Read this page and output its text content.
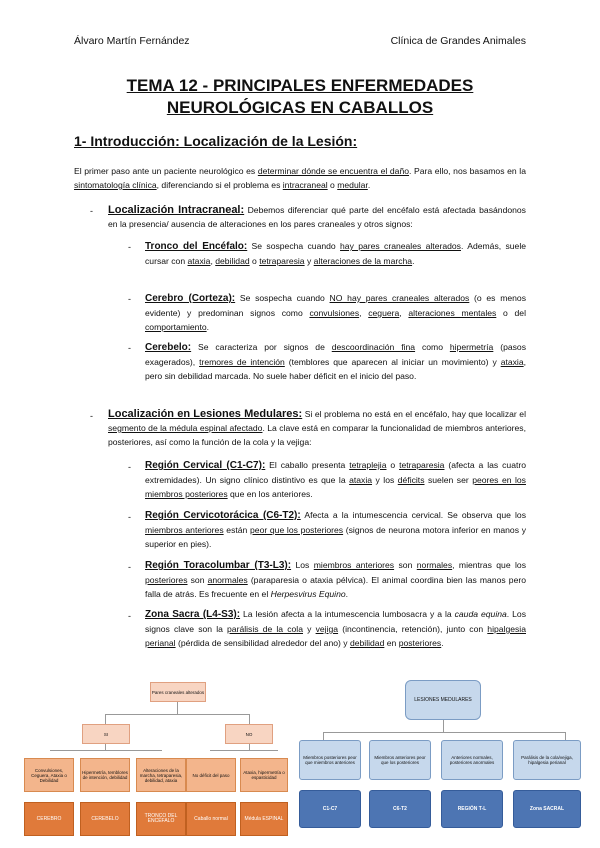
Álvaro Martín Fernández	Clínica de Grandes Animales
TEMA 12 - PRINCIPALES ENFERMEDADES
NEUROLÓGICAS EN CABALLOS
1- Introducción: Localización de la Lesión:
El primer paso ante un paciente neurológico es determinar dónde se encuentra el daño. Para ello, nos basamos en la sintomatología clínica, diferenciando si el problema es intracraneal o medular.
- Localización Intracraneal: Debemos diferenciar qué parte del encéfalo está afectada basándonos en la presencia/ ausencia de alteraciones en los pares craneales y otros signos:
- Tronco del Encéfalo: Se sospecha cuando hay pares craneales alterados. Además, suele cursar con ataxia, debilidad o tetraparesia y alteraciones de la marcha.
- Cerebro (Corteza): Se sospecha cuando NO hay pares craneales alterados (o es menos evidente) y predominan signos como convulsiones, ceguera, alteraciones mentales o del comportamiento.
- Cerebelo: Se caracteriza por signos de descoordinación fina como hipermetría (pasos exagerados), tremores de intención (temblores que aparecen al iniciar un movimiento) y ataxia, pero sin debilidad marcada. No suele haber déficit en el inicio del paso.
- Localización en Lesiones Medulares: Si el problema no está en el encéfalo, hay que localizar el segmento de la médula espinal afectado. La clave está en comparar la funcionalidad de miembros anteriores, posteriores, así como la función de la cola y la vejiga:
- Región Cervical (C1-C7): El caballo presenta tetraplejia o tetraparesia (afecta a las cuatro extremidades). Un signo clínico distintivo es que la ataxia y los déficits suelen ser peores en los miembros posteriores que en los anteriores.
- Región Cervicotorácica (C6-T2): Afecta a la intumescencia cervical. Se observa que los miembros anteriores están peor que los posteriores (signos de neurona motora inferior en manos y superior en pies).
- Región Toracolumbar (T3-L3): Los miembros anteriores son normales, mientras que los posteriores son anormales (paraparesia o ataxia pélvica). El animal coordina bien las manos pero falla de atrás. Es frecuente en el Herpesvirus Equino.
- Zona Sacra (L4-S3): La lesión afecta a la intumescencia lumbosacra y a la cauda equina. Los signos clave son la parálisis de la cola y vejiga (incontinencia, retención), junto con hipalgesia perianal (pérdida de sensibilidad alrededor del ano) y debilidad en posteriores.
Pares craneales alterados
SI	NO
Convulsiones, Ceguera, Ataxia o Debilidad
Hipermetría, temblores de intención, debilidad
Alteraciones de la marcha, tetraparesia, debilidad, ataxia
No déficit del paso	Ataxia, hipermetría o espasticidad
CEREBRO	CEREBELO	TRONCO DEL ENCÉFALO	Caballo normal	Médula ESPINAL
LESIONES MEDULARES
Miembros posteriores peor que miembros anteriores
Miembros anteriores peor que los posteriores
Anteriores normales, posteriores anormales
Parálisis de la cola/vejiga, hipalgesia perianal
C1-C7	C6-T2	REGIÓN T-L	Zona SACRAL
